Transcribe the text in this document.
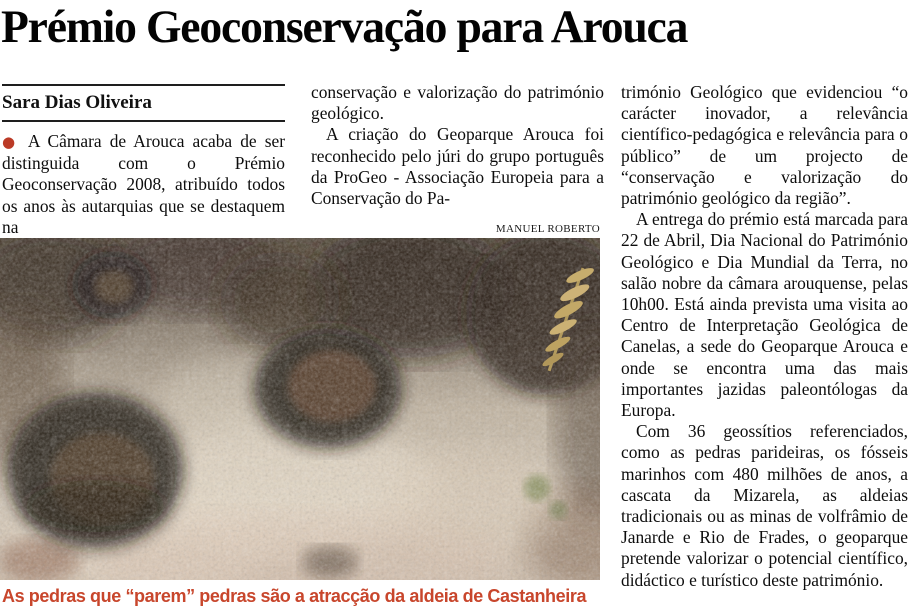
Prémio Geoconservação para Arouca
Sara Dias Oliveira

● A Câmara de Arouca acaba de ser distinguida com o Prémio Geoconservação 2008, atribuído todos os anos às autarquias que se destaquem na

conservação e valorização do património geológico.

A criação do Geoparque Arouca foi reconhecido pelo júri do grupo português da ProGeo - Associação Europeia para a Conservação do Pa-

MANUEL ROBERTO
As pedras que “parem” pedras são a atracção da aldeia de Castanheira

trimónio Geológico que evidenciou “o carácter inovador, a relevância científico-pedagógica e relevância para o público” de um projecto de “conservação e valorização do património geológico da região”.

A entrega do prémio está marcada para 22 de Abril, Dia Nacional do Património Geológico e Dia Mundial da Terra, no salão nobre da câmara arouquense, pelas 10h00. Está ainda prevista uma visita ao Centro de Interpretação Geológica de Canelas, a sede do Geoparque Arouca e onde se encontra uma das mais importantes jazidas paleontólogas da Europa.

Com 36 geossítios referenciados, como as pedras parideiras, os fósseis marinhos com 480 milhões de anos, a cascata da Mizarela, as aldeias tradicionais ou as minas de volfrâmio de Janarde e Rio de Frades, o geoparque pretende valorizar o potencial científico, didáctico e turístico deste património.
